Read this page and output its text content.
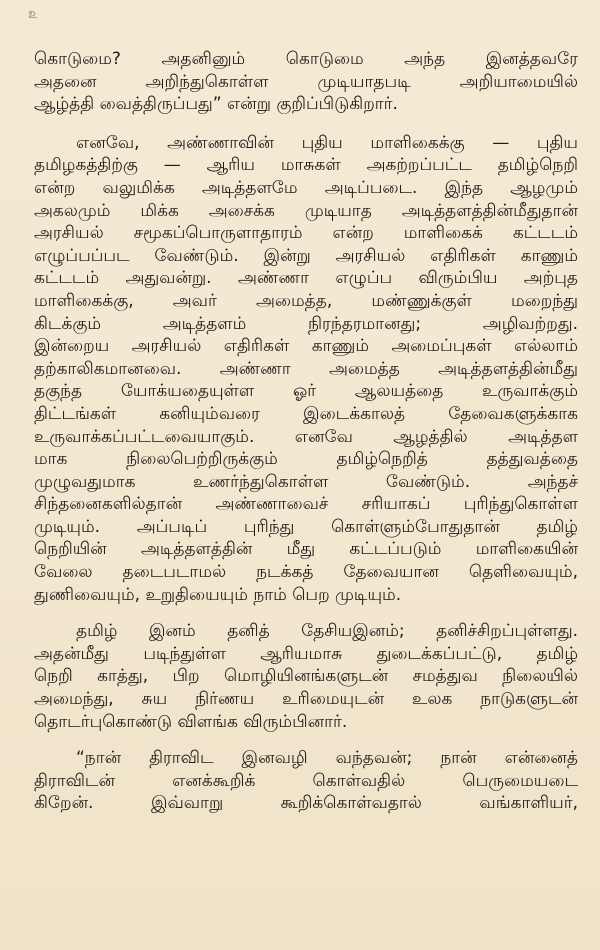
௨
கொடுமை? அதனினும் கொடுமை அந்த இனத்தவரே
அதனை அறிந்துகொள்ள முடியாதபடி அறியாமையில்
ஆழ்த்தி வைத்திருப்பது” என்று குறிப்பிடுகிறார்.
எனவே, அண்ணாவின் புதிய மாளிகைக்கு — புதிய
தமிழகத்திற்கு — ஆரிய மாசுகள் அகற்றப்பட்ட தமிழ்நெறி
என்ற வலுமிக்க அடித்தளமே அடிப்படை. இந்த ஆழமும்
அகலமும் மிக்க அசைக்க முடியாத அடித்தளத்தின்மீதுதான்
அரசியல் சமூகப்பொருளாதாரம் என்ற மாளிகைக் கட்டடம்
எழுப்பப்பட வேண்டும். இன்று அரசியல் எதிரிகள் காணும்
கட்டடம் அதுவன்று. அண்ணா எழுப்ப விரும்பிய அற்புத
மாளிகைக்கு, அவர் அமைத்த, மண்ணுக்குள் மறைந்து
கிடக்கும் அடித்தளம் நிரந்தரமானது; அழிவற்றது.
இன்றைய அரசியல் எதிரிகள் காணும் அமைப்புகள் எல்லாம்
தற்காலிகமானவை. அண்ணா அமைத்த அடித்தளத்தின்மீது
தகுந்த யோக்யதையுள்ள ஓர் ஆலயத்தை உருவாக்கும்
திட்டங்கள் கனியும்வரை இடைக்காலத் தேவைகளுக்காக
உருவாக்கப்பட்டவையாகும். எனவே ஆழத்தில் அடித்தள
மாக நிலைபெற்றிருக்கும் தமிழ்நெறித் தத்துவத்தை
முழுவதுமாக உணர்ந்துகொள்ள வேண்டும். அந்தச்
சிந்தனைகளில்தான் அண்ணாவைச் சரியாகப் புரிந்துகொள்ள
முடியும். அப்படிப் புரிந்து கொள்ளும்போதுதான் தமிழ்
நெறியின் அடித்தளத்தின் மீது கட்டப்படும் மாளிகையின்
வேலை தடைபடாமல் நடக்கத் தேவையான தெளிவையும்,
துணிவையும், உறுதியையும் நாம் பெற முடியும்.
தமிழ் இனம் தனித் தேசியஇனம்; தனிச்சிறப்புள்ளது.
அதன்மீது படிந்துள்ள ஆரியமாசு துடைக்கப்பட்டு, தமிழ்
நெறி காத்து, பிற மொழியினங்களுடன் சமத்துவ நிலையில்
அமைந்து, சுய நிர்ணய உரிமையுடன் உலக நாடுகளுடன்
தொடர்புகொண்டு விளங்க விரும்பினார்.
“நான் திராவிட இனவழி வந்தவன்; நான் என்னைத்
திராவிடன் எனக்கூறிக் கொள்வதில் பெருமையடை
கிறேன். இவ்வாறு கூறிக்கொள்வதால் வங்காளியர்,
